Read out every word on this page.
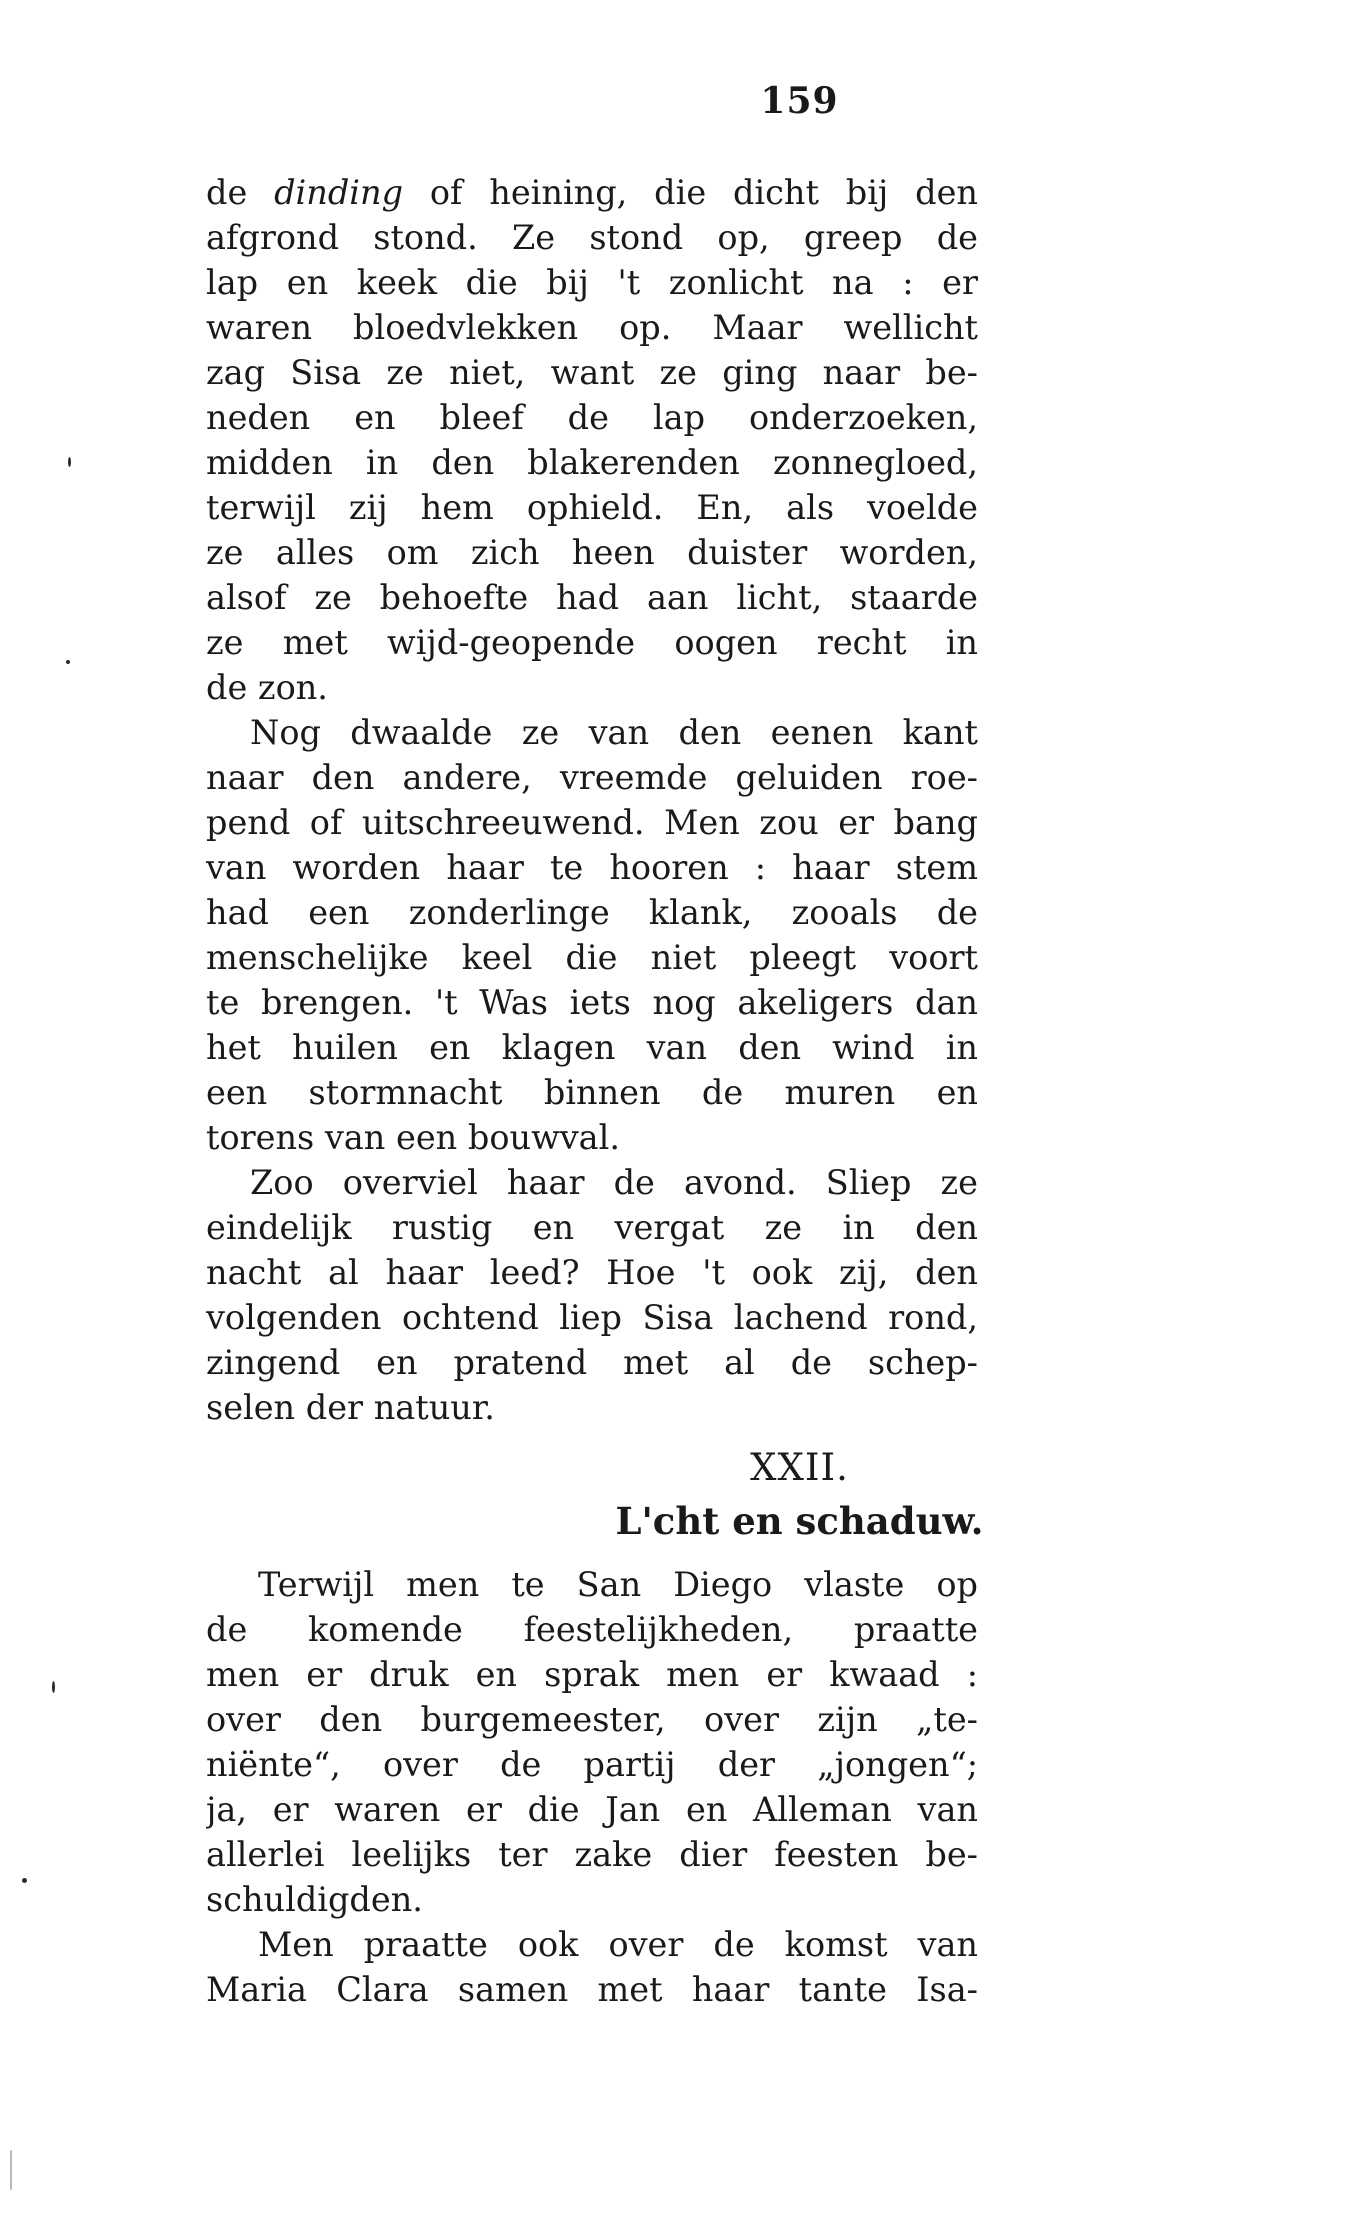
159
de dinding of heining, die dicht bij den
afgrond stond. Ze stond op, greep de
lap en keek die bij 't zonlicht na : er
waren bloedvlekken op. Maar wellicht
zag Sisa ze niet, want ze ging naar be-
neden en bleef de lap onderzoeken,
midden in den blakerenden zonnegloed,
terwijl zij hem ophield. En, als voelde
ze alles om zich heen duister worden,
alsof ze behoefte had aan licht, staarde
ze met wijd-geopende oogen recht in
de zon.
Nog dwaalde ze van den eenen kant
naar den andere, vreemde geluiden roe-
pend of uitschreeuwend. Men zou er bang
van worden haar te hooren : haar stem
had een zonderlinge klank, zooals de
menschelijke keel die niet pleegt voort
te brengen. 't Was iets nog akeligers dan
het huilen en klagen van den wind in
een stormnacht binnen de muren en
torens van een bouwval.
Zoo overviel haar de avond. Sliep ze
eindelijk rustig en vergat ze in den
nacht al haar leed? Hoe 't ook zij, den
volgenden ochtend liep Sisa lachend rond,
zingend en pratend met al de schep-
selen der natuur.
XXII.
L'cht en schaduw.
Terwijl men te San Diego vlaste op
de komende feestelijkheden, praatte
men er druk en sprak men er kwaad :
over den burgemeester, over zijn „te-
niënte“, over de partij der „jongen“;
ja, er waren er die Jan en Alleman van
allerlei leelijks ter zake dier feesten be-
schuldigden.
Men praatte ook over de komst van
Maria Clara samen met haar tante Isa-
